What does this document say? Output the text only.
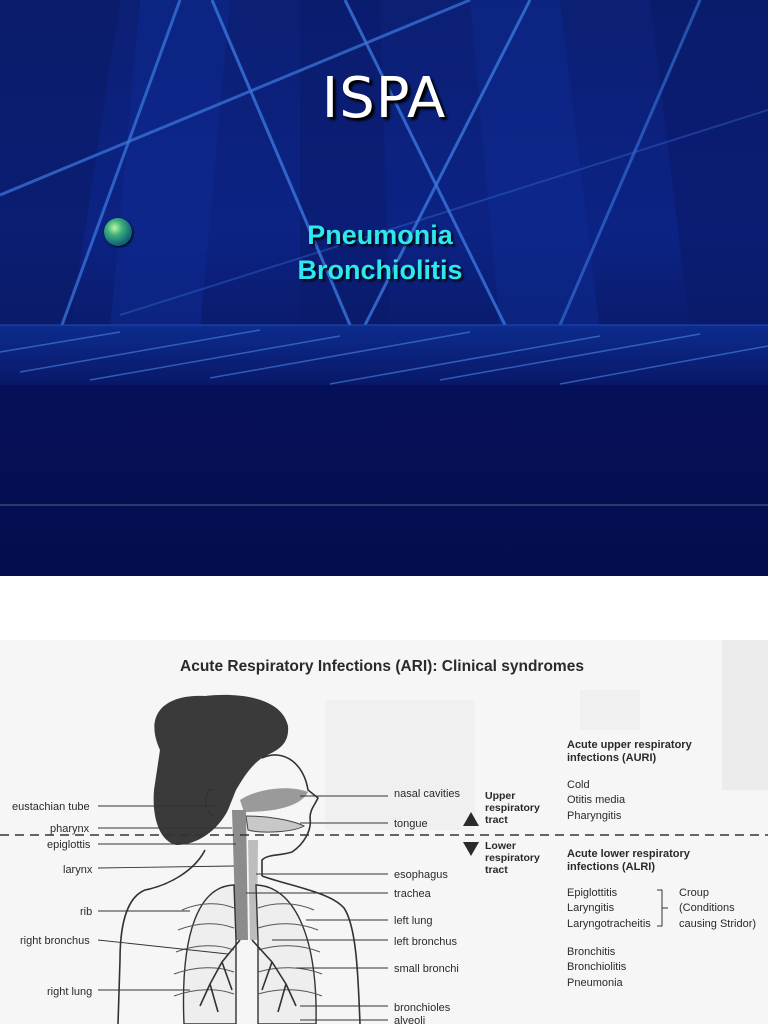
ISPA
Pneumonia
Bronchiolitis
Acute Respiratory Infections (ARI): Clinical syndromes
eustachian tube
pharynx
epiglottis
larynx
rib
right bronchus
right lung
nasal cavities
tongue
esophagus
trachea
left lung
left bronchus
small bronchi
bronchioles
alveoli
Upper
respiratory
tract
Lower
respiratory
tract
Acute upper respiratory
infections (AURI)
Cold
Otitis media
Pharyngitis
Acute lower respiratory
infections (ALRI)
Epiglottitis
Laryngitis
Laryngotracheitis
Croup
(Conditions
causing Stridor)
Bronchitis
Bronchiolitis
Pneumonia
